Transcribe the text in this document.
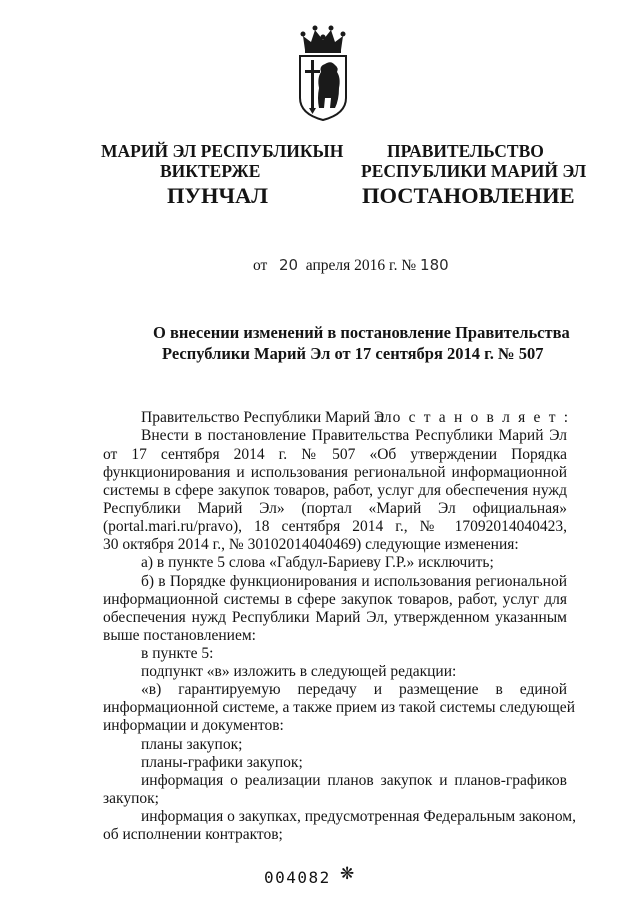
МАРИЙ ЭЛ РЕСПУБЛИКЫН
ВИКТЕРЖЕ
ПУНЧАЛ
ПРАВИТЕЛЬСТВО
РЕСПУБЛИКИ МАРИЙ ЭЛ
ПОСТАНОВЛЕНИЕ
от 20 апреля 2016 г. № 180
О внесении изменений в постановление Правительства
Республики Марий Эл от 17 сентября 2014 г. № 507
Правительство Республики Марий Эл
п о с т а н о в л я е т :
Внести в постановление Правительства Республики Марий Эл
от 17 сентября 2014 г. № 507 «Об утверждении Порядка
функционирования и использования региональной информационной
системы в сфере закупок товаров, работ, услуг для обеспечения нужд
Республики Марий Эл» (портал «Марий Эл официальная»
(portal.mari.ru/pravo), 18 сентября 2014 г., № 17092014040423,
30 октября 2014 г., № 30102014040469) следующие изменения:
а) в пункте 5 слова «Габдул-Бариеву Г.Р.» исключить;
б) в Порядке функционирования и использования региональной
информационной системы в сфере закупок товаров, работ, услуг для
обеспечения нужд Республики Марий Эл, утвержденном указанным
выше постановлением:
в пункте 5:
подпункт «в» изложить в следующей редакции:
«в) гарантируемую передачу и размещение в единой
информационной системе, а также прием из такой системы следующей
информации и документов:
планы закупок;
планы-графики закупок;
информация о реализации планов закупок и планов-графиков
закупок;
информация о закупках, предусмотренная Федеральным законом,
об исполнении контрактов;
004082 ❋
